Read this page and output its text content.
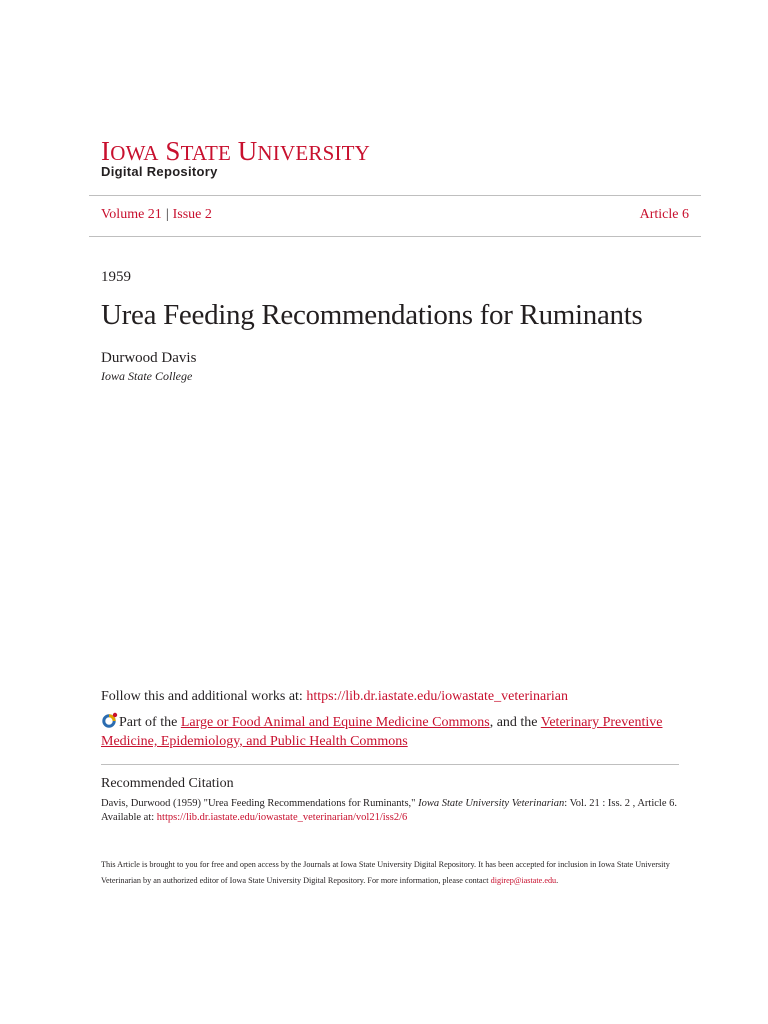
IOWA STATE UNIVERSITY
Digital Repository
Volume 21 | Issue 2	Article 6
1959
Urea Feeding Recommendations for Ruminants
Durwood Davis
Iowa State College
Follow this and additional works at: https://lib.dr.iastate.edu/iowastate_veterinarian
Part of the Large or Food Animal and Equine Medicine Commons, and the Veterinary Preventive Medicine, Epidemiology, and Public Health Commons
Recommended Citation
Davis, Durwood (1959) "Urea Feeding Recommendations for Ruminants," Iowa State University Veterinarian: Vol. 21 : Iss. 2 , Article 6.
Available at: https://lib.dr.iastate.edu/iowastate_veterinarian/vol21/iss2/6
This Article is brought to you for free and open access by the Journals at Iowa State University Digital Repository. It has been accepted for inclusion in Iowa State University Veterinarian by an authorized editor of Iowa State University Digital Repository. For more information, please contact digirep@iastate.edu.
